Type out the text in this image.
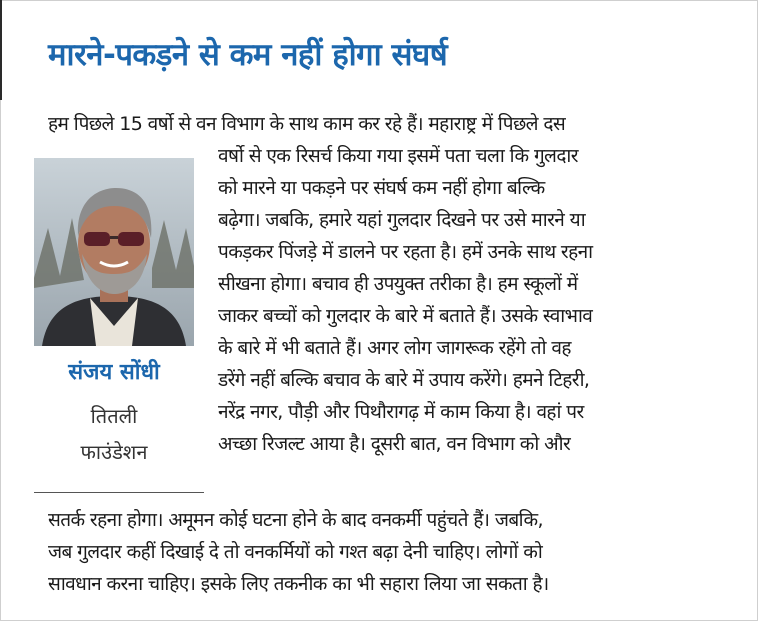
मारने-पकड़ने से कम नहीं होगा संघर्ष
हम पिछले 15 वर्षो से वन विभाग के साथ काम कर रहे हैं। महाराष्ट्र में पिछले दस
वर्षो से एक रिसर्च किया गया इसमें पता चला कि गुलदार
को मारने या पकड़ने पर संघर्ष कम नहीं होगा बल्कि
बढ़ेगा। जबकि, हमारे यहां गुलदार दिखने पर उसे मारने या
पकड़कर पिंजड़े में डालने पर रहता है। हमें उनके साथ रहना
सीखना होगा। बचाव ही उपयुक्त तरीका है। हम स्कूलों में
जाकर बच्चों को गुलदार के बारे में बताते हैं। उसके स्वाभाव
के बारे में भी बताते हैं। अगर लोग जागरूक रहेंगे तो वह
डरेंगे नहीं बल्कि बचाव के बारे में उपाय करेंगे। हमने टिहरी,
नरेंद्र नगर, पौड़ी और पिथौरागढ़ में काम किया है। वहां पर
अच्छा रिजल्ट आया है। दूसरी बात, वन विभाग को और
सतर्क रहना होगा। अमूमन कोई घटना होने के बाद वनकर्मी पहुंचते हैं। जबकि,
जब गुलदार कहीं दिखाई दे तो वनकर्मियों को गश्त बढ़ा देनी चाहिए। लोगों को
सावधान करना चाहिए। इसके लिए तकनीक का भी सहारा लिया जा सकता है।

संजय सोंधी

तितली
फाउंडेशन
